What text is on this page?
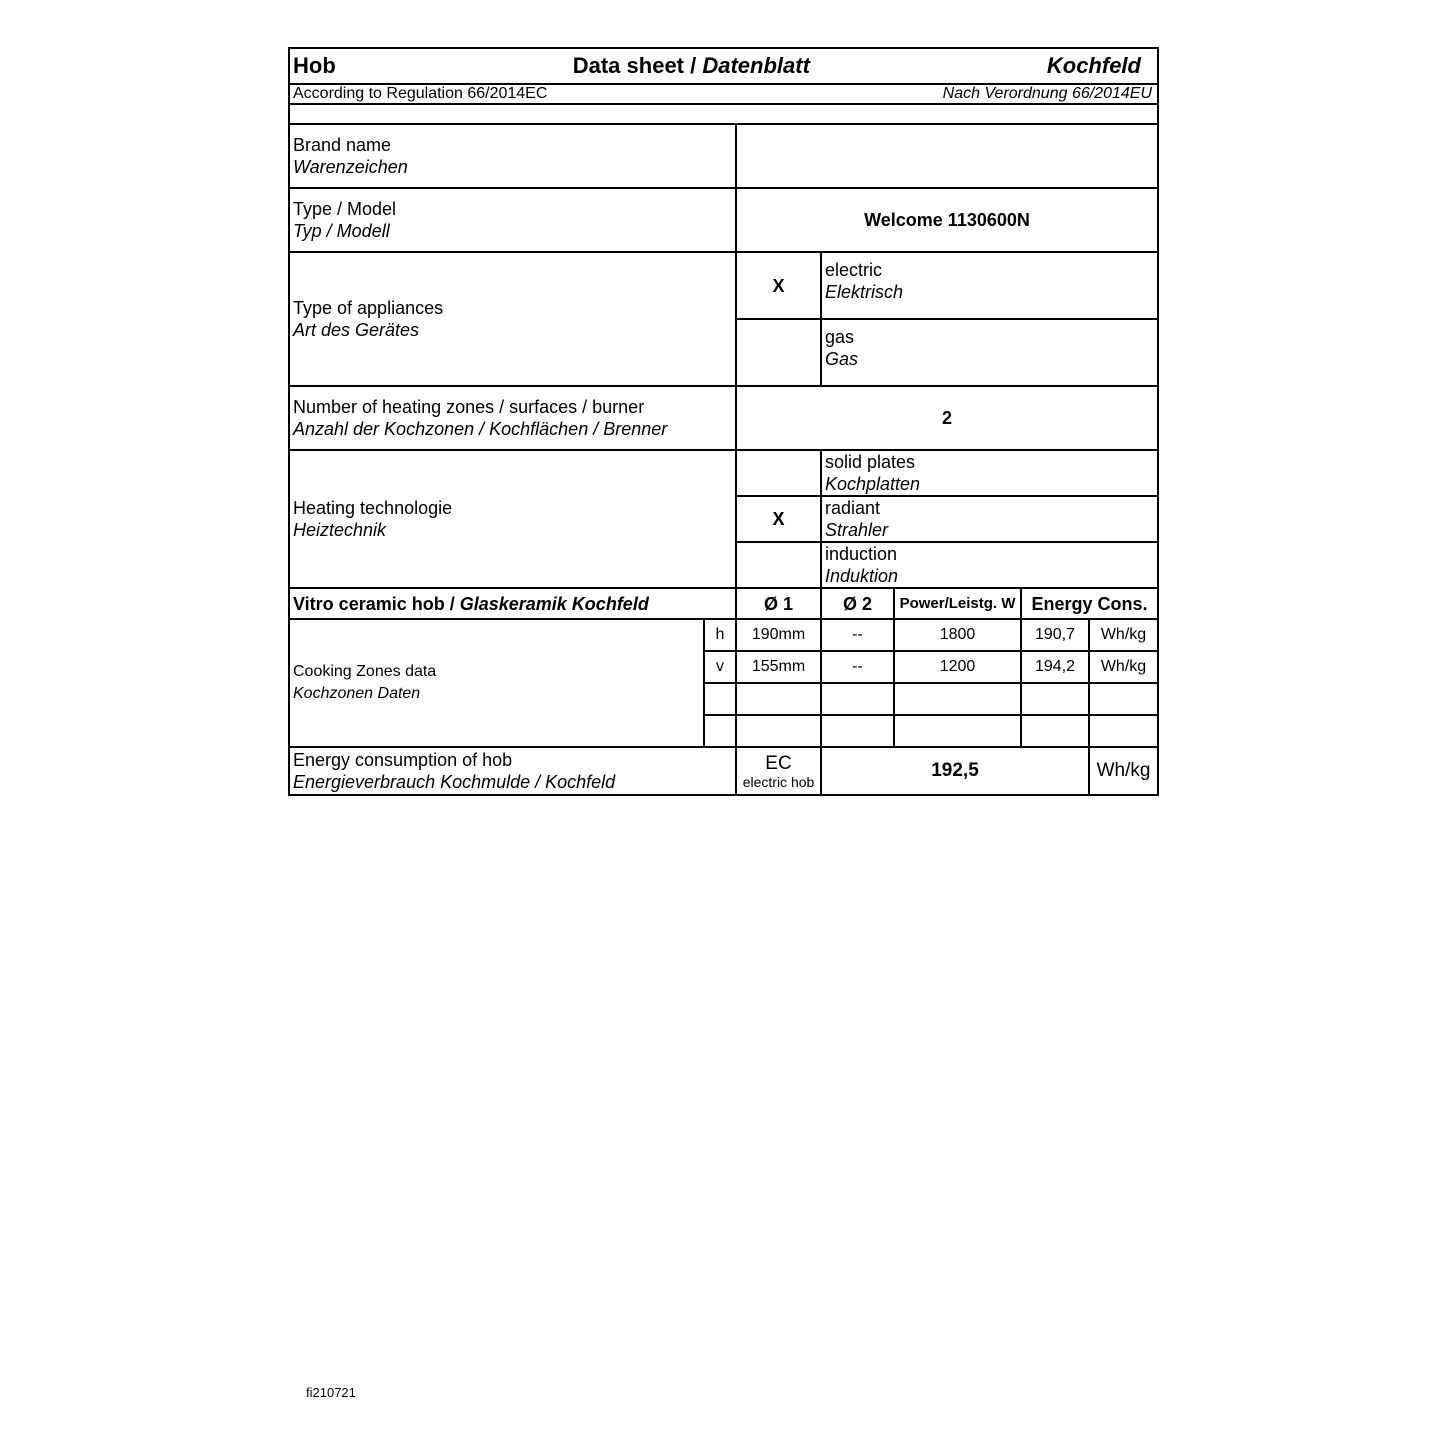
Hob	Data sheet / Datenblatt	Kochfeld

According to Regulation 66/2014EC	Nach Verordnung 66/2014EU

Brand name
Warenzeichen	

Type / Model
Typ / Modell	Welcome 1130600N

Type of appliances
Art des Gerätes	X	
electric
Elektrisch

gas
Gas

Number of heating zones / surfaces / burner
Anzahl der Kochzonen / Kochflächen / Brenner	2

Heating technologie
Heiztechnik		
solid plates
Kochplatten
X	
radiant
Strahler

induction
Induktion
Vitro ceramic hob / Glaskeramik Kochfeld	Ø 1	Ø 2	Power/Leistg. W	Energy Cons.

Cooking Zones data
Kochzonen Daten	h	190mm	--	1800	190,7	Wh/kg
v	155mm	--	1200	194,2	Wh/kg

Energy consumption of hob
Energieverbrauch Kochmulde / Kochfeld	
EC
electric hob
	192,5	Wh/kg
fi210721
